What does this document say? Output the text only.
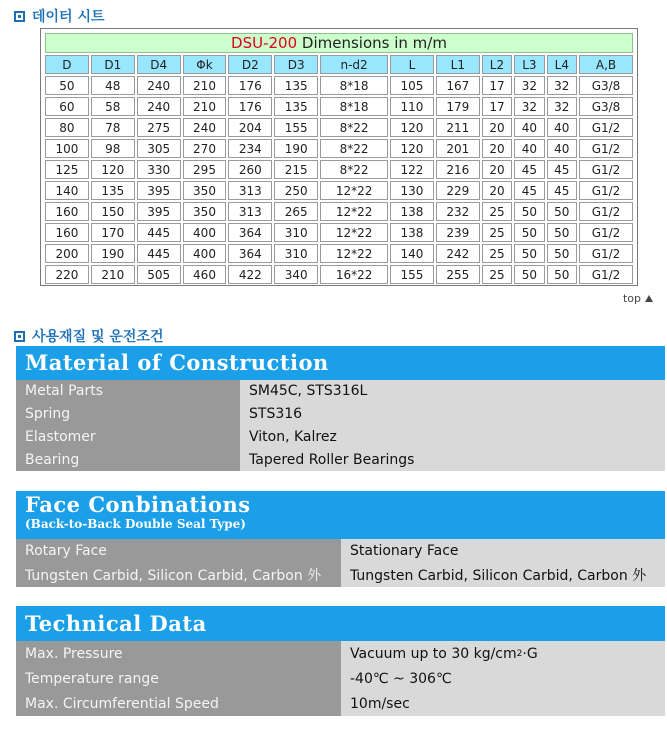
데이터 시트
DSU-200 Dimensions in m/m												
D	D1	D4	Φk	D2	D3	n-d2	L	L1	L2	L3	L4	A,B
50	48	240	210	176	135	8*18	105	167	17	32	32	G3/8
60	58	240	210	176	135	8*18	110	179	17	32	32	G3/8
80	78	275	240	204	155	8*22	120	211	20	40	40	G1/2
100	98	305	270	234	190	8*22	120	201	20	40	40	G1/2
125	120	330	295	260	215	8*22	122	216	20	45	45	G1/2
140	135	395	350	313	250	12*22	130	229	20	45	45	G1/2
160	150	395	350	313	265	12*22	138	232	25	50	50	G1/2
160	170	445	400	364	310	12*22	138	239	25	50	50	G1/2
200	190	445	400	364	310	12*22	140	242	25	50	50	G1/2
220	210	505	460	422	340	16*22	155	255	25	50	50	G1/2
top
사용재질 및 운전조건
Material of Construction
Metal Parts	SM45C, STS316L
Spring	STS316
Elastomer	Viton, Kalrez
Bearing	Tapered Roller Bearings
Face Conbinations
(Back-to-Back Double Seal Type)
Rotary Face	Stationary Face
Tungsten Carbid, Silicon Carbid, Carbon 外	Tungsten Carbid, Silicon Carbid, Carbon 外
Technical Data
Max. Pressure	Vacuum up to 30 kg/cm 2 ·G
Temperature range	-40℃ ~ 306℃
Max. Circumferential Speed	10m/sec
